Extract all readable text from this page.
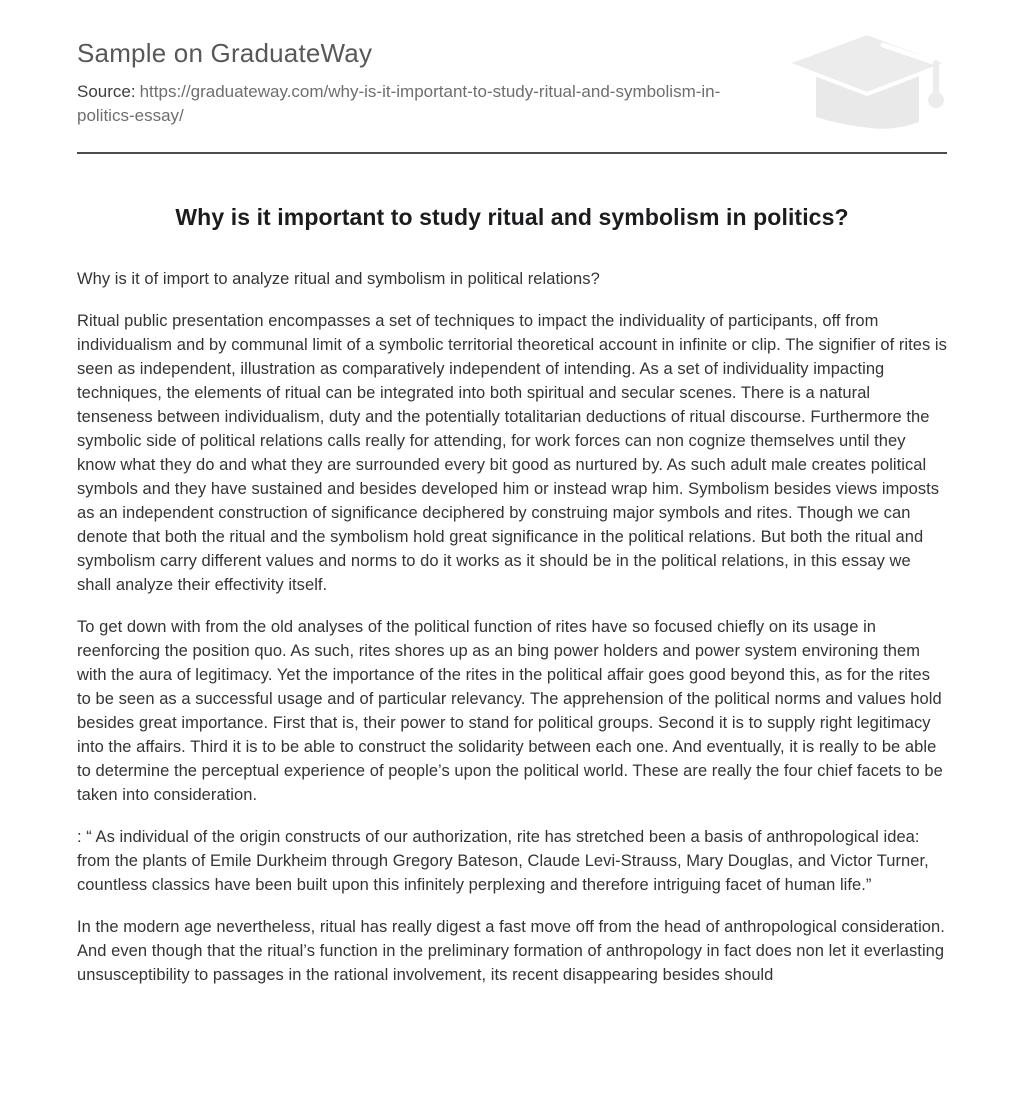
Sample on GraduateWay

Source: https://graduateway.com/why-is-it-important-to-study-ritual-and-symbolism-in-politics-essay/

Why is it important to study ritual and symbolism in politics?

Why is it of import to analyze ritual and symbolism in political relations?

Ritual public presentation encompasses a set of techniques to impact the individuality of participants, off from individualism and by communal limit of a symbolic territorial theoretical account in infinite or clip. The signifier of rites is seen as independent, illustration as comparatively independent of intending. As a set of individuality impacting techniques, the elements of ritual can be integrated into both spiritual and secular scenes. There is a natural tenseness between individualism, duty and the potentially totalitarian deductions of ritual discourse. Furthermore the symbolic side of political relations calls really for attending, for work forces can non cognize themselves until they know what they do and what they are surrounded every bit good as nurtured by. As such adult male creates political symbols and they have sustained and besides developed him or instead wrap him. Symbolism besides views imposts as an independent construction of significance deciphered by construing major symbols and rites. Though we can denote that both the ritual and the symbolism hold great significance in the political relations. But both the ritual and symbolism carry different values and norms to do it works as it should be in the political relations, in this essay we shall analyze their effectivity itself.

To get down with from the old analyses of the political function of rites have so focused chiefly on its usage in reenforcing the position quo. As such, rites shores up as an bing power holders and power system environing them with the aura of legitimacy. Yet the importance of the rites in the political affair goes good beyond this, as for the rites to be seen as a successful usage and of particular relevancy. The apprehension of the political norms and values hold besides great importance. First that is, their power to stand for political groups. Second it is to supply right legitimacy into the affairs. Third it is to be able to construct the solidarity between each one. And eventually, it is really to be able to determine the perceptual experience of people’s upon the political world. These are really the four chief facets to be taken into consideration.

: “ As individual of the origin constructs of our authorization, rite has stretched been a basis of anthropological idea: from the plants of Emile Durkheim through Gregory Bateson, Claude Levi-Strauss, Mary Douglas, and Victor Turner, countless classics have been built upon this infinitely perplexing and therefore intriguing facet of human life.”

In the modern age nevertheless, ritual has really digest a fast move off from the head of anthropological consideration. And even though that the ritual’s function in the preliminary formation of anthropology in fact does non let it everlasting unsusceptibility to passages in the rational involvement, its recent disappearing besides should
